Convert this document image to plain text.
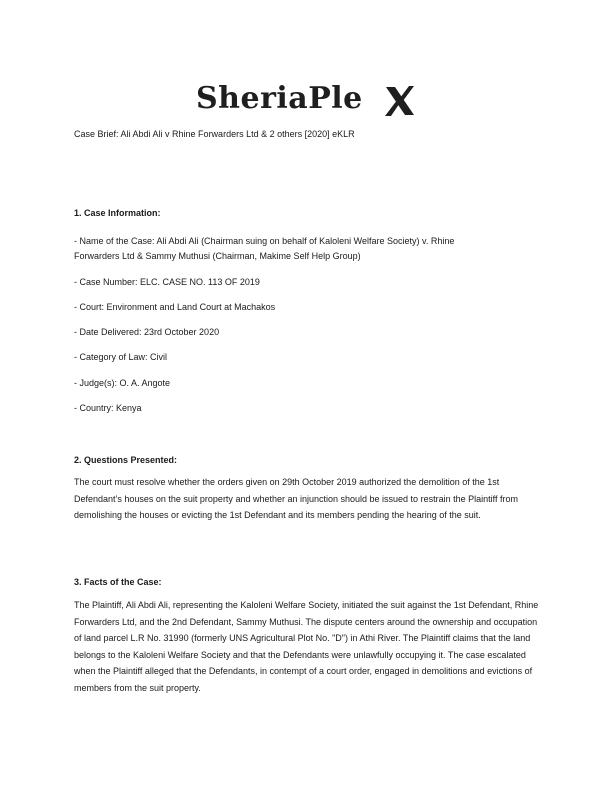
SheriaPle
Case Brief: Ali Abdi Ali v Rhine Forwarders Ltd & 2 others [2020] eKLR
1. Case Information:
- Name of the Case: Ali Abdi Ali (Chairman suing on behalf of Kaloleni Welfare Society) v. Rhine
Forwarders Ltd & Sammy Muthusi (Chairman, Makime Self Help Group)
- Case Number: ELC. CASE NO. 113 OF 2019
- Court: Environment and Land Court at Machakos
- Date Delivered: 23rd October 2020
- Category of Law: Civil
- Judge(s): O. A. Angote
- Country: Kenya
2. Questions Presented:
The court must resolve whether the orders given on 29th October 2019 authorized the demolition of the 1st Defendant’s houses on the suit property and whether an injunction should be issued to restrain the Plaintiff from demolishing the houses or evicting the 1st Defendant and its members pending the hearing of the suit.
3. Facts of the Case:
The Plaintiff, Ali Abdi Ali, representing the Kaloleni Welfare Society, initiated the suit against the 1st Defendant, Rhine Forwarders Ltd, and the 2nd Defendant, Sammy Muthusi. The dispute centers around the ownership and occupation of land parcel L.R No. 31990 (formerly UNS Agricultural Plot No. "D") in Athi River. The Plaintiff claims that the land belongs to the Kaloleni Welfare Society and that the Defendants were unlawfully occupying it. The case escalated when the Plaintiff alleged that the Defendants, in contempt of a court order, engaged in demolitions and evictions of members from the suit property.
